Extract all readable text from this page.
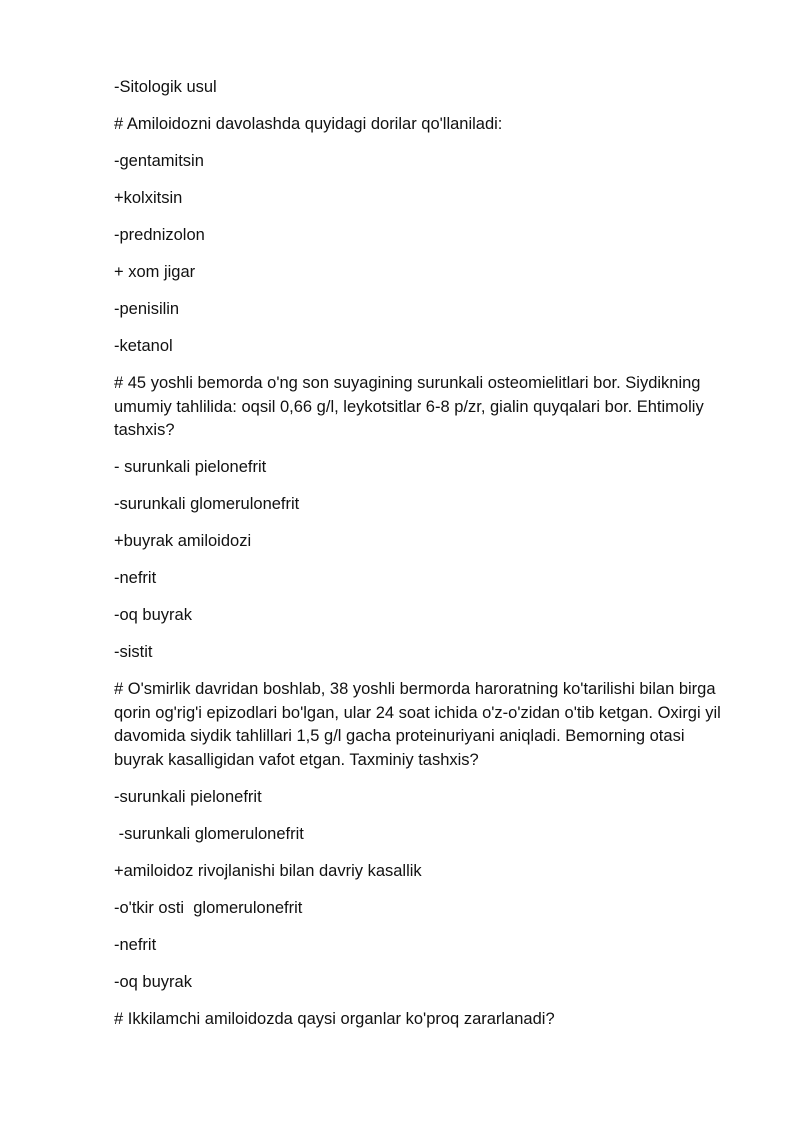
-Sitologik usul

# Amiloidozni davolashda quyidagi dorilar qo'llaniladi:

-gentamitsin

+kolxitsin

-prednizolon

+ xom jigar

-penisilin

-ketanol

# 45 yoshli bemorda o'ng son suyagining surunkali osteomielitlari bor. Siydikning umumiy tahlilida: oqsil 0,66 g/l, leykotsitlar 6-8 p/zr, gialin quyqalari bor. Ehtimoliy tashxis?

- surunkali pielonefrit

-surunkali glomerulonefrit

+buyrak amiloidozi

-nefrit

-oq buyrak

-sistit

# O'smirlik davridan boshlab, 38 yoshli bermorda haroratning ko'tarilishi bilan birga qorin og'rig'i epizodlari bo'lgan, ular 24 soat ichida o'z-o'zidan o'tib ketgan. Oxirgi yil davomida siydik tahlillari 1,5 g/l gacha proteinuriyani aniqladi. Bemorning otasi buyrak kasalligidan vafot etgan. Taxminiy tashxis?

-surunkali pielonefrit

-surunkali glomerulonefrit

+amiloidoz rivojlanishi bilan davriy kasallik

-o'tkir osti  glomerulonefrit

-nefrit

-oq buyrak

# Ikkilamchi amiloidozda qaysi organlar ko'proq zararlanadi?
